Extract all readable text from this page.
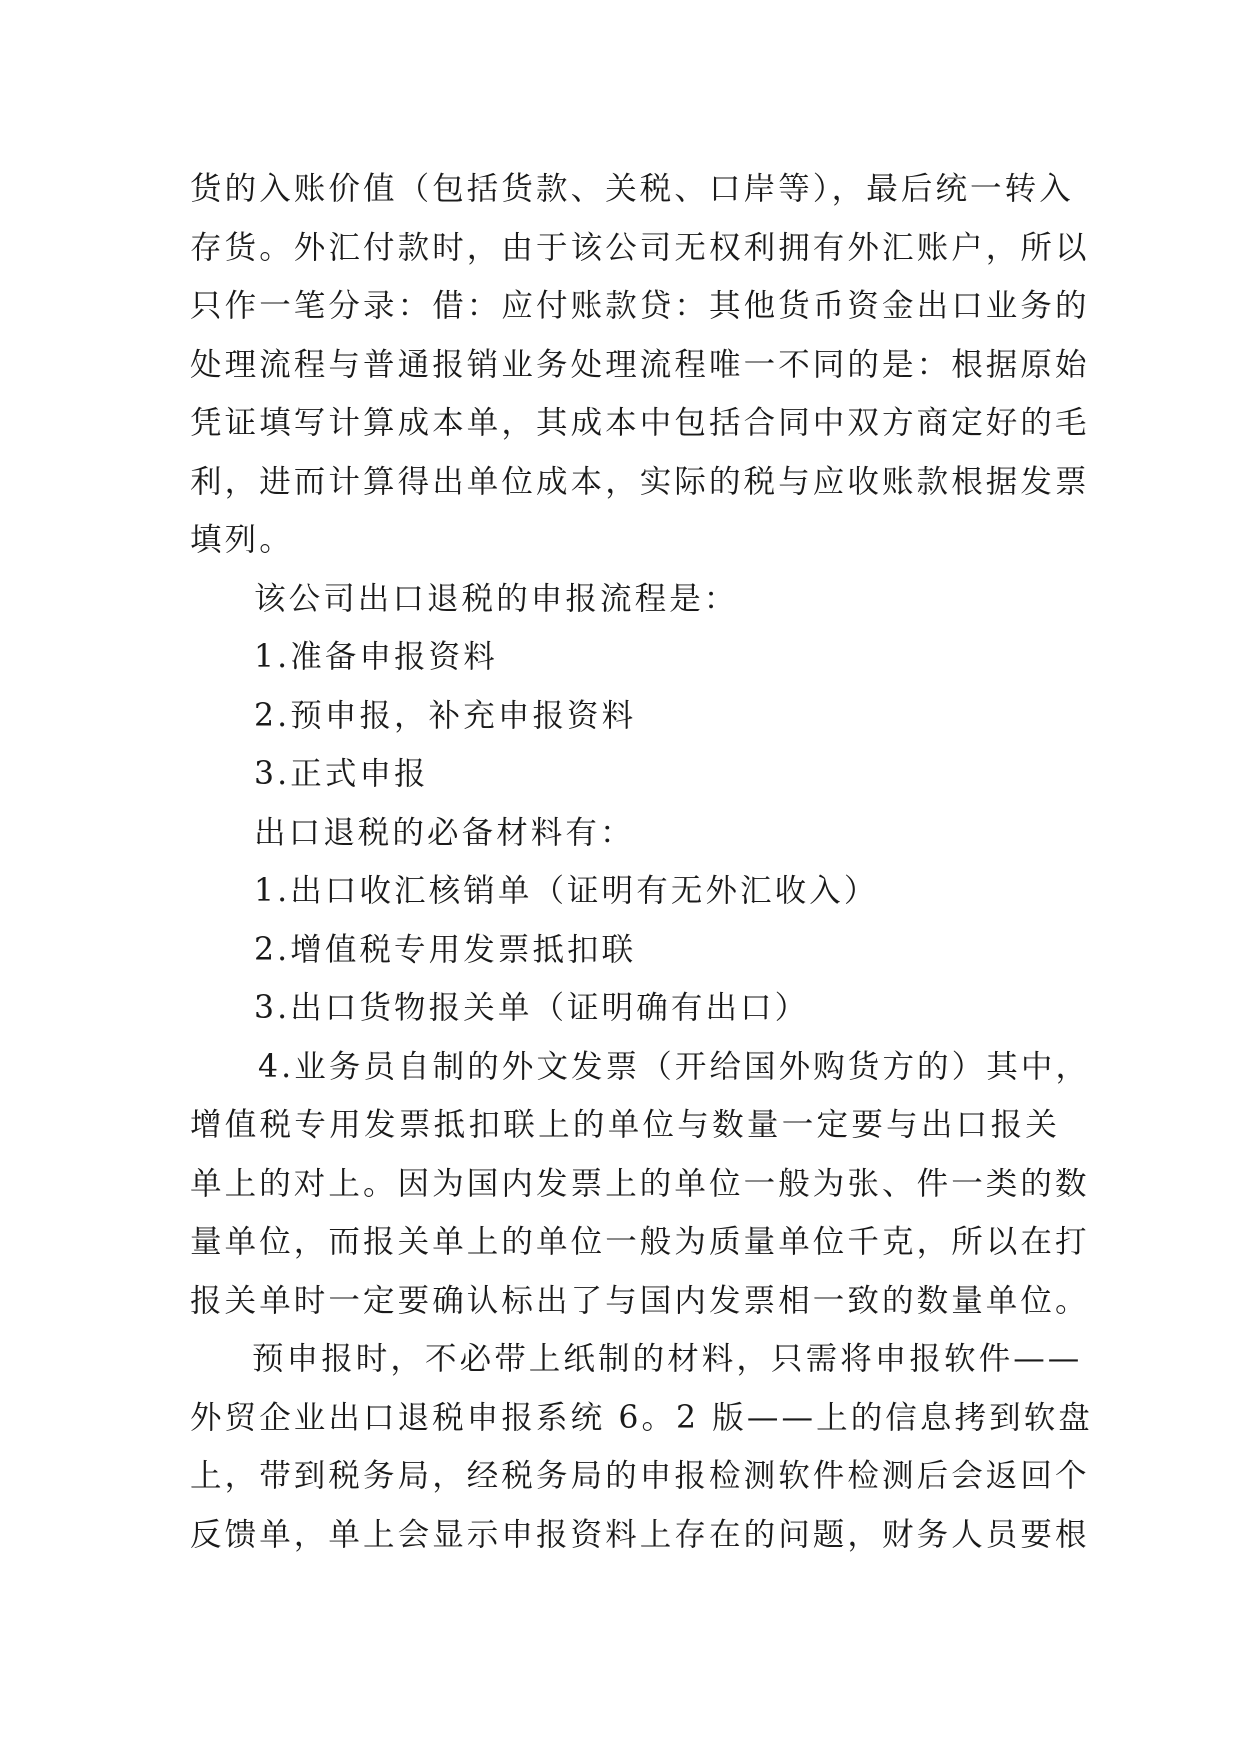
货的入账价值（包括货款、关税、口岸等），最后统一转入
存货。外汇付款时，由于该公司无权利拥有外汇账户，所以
只作一笔分录：借：应付账款贷：其他货币资金出口业务的
处理流程与普通报销业务处理流程唯一不同的是：根据原始
凭证填写计算成本单，其成本中包括合同中双方商定好的毛
利，进而计算得出单位成本，实际的税与应收账款根据发票
填列。
该公司出口退税的申报流程是：
1.准备申报资料
2.预申报，补充申报资料
3.正式申报
出口退税的必备材料有：
1.出口收汇核销单（证明有无外汇收入）
2.增值税专用发票抵扣联
3.出口货物报关单（证明确有出口）
4.业务员自制的外文发票（开给国外购货方的）其中，
增值税专用发票抵扣联上的单位与数量一定要与出口报关
单上的对上。因为国内发票上的单位一般为张、件一类的数
量单位，而报关单上的单位一般为质量单位千克，所以在打
报关单时一定要确认标出了与国内发票相一致的数量单位。
预申报时，不必带上纸制的材料，只需将申报软件——
外贸企业出口退税申报系统 6。2 版——上的信息拷到软盘
上，带到税务局，经税务局的申报检测软件检测后会返回个
反馈单，单上会显示申报资料上存在的问题，财务人员要根
